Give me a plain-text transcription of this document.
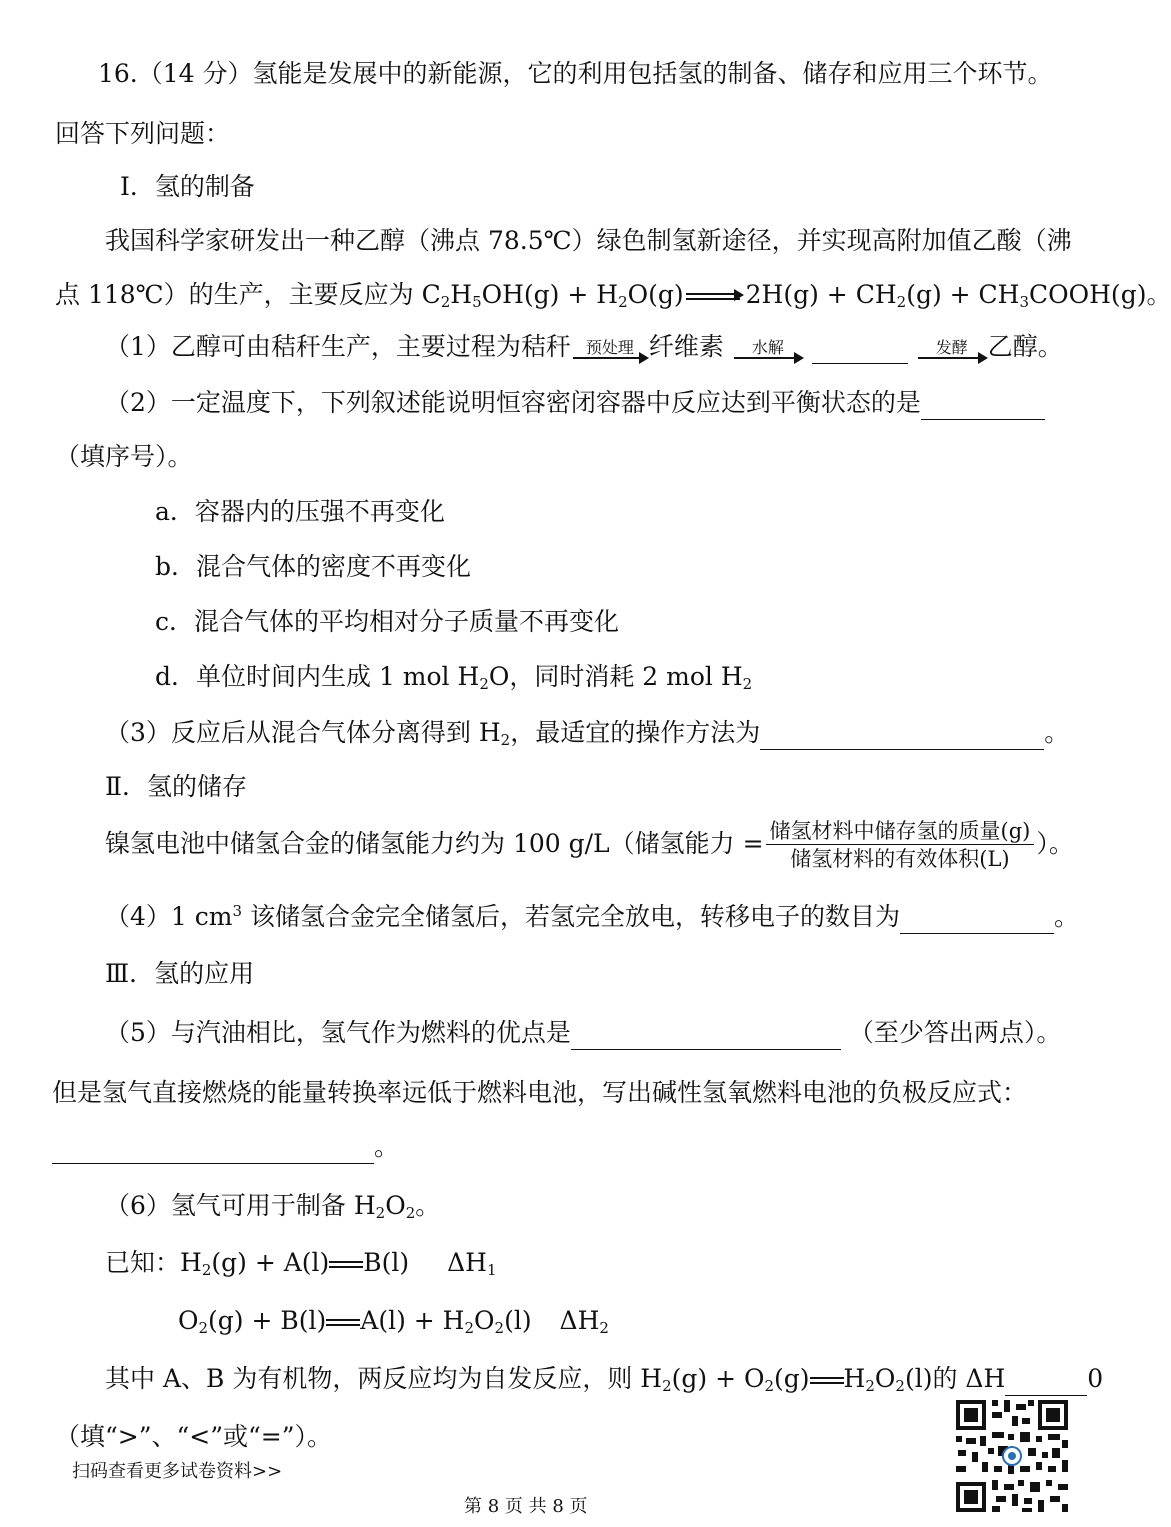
16.（14 分）氢能是发展中的新能源，它的利用包括氢的制备、储存和应用三个环节。
回答下列问题：
Ⅰ．氢的制备
我国科学家研发出一种乙醇（沸点 78.5℃）绿色制氢新途径，并实现高附加值乙酸（沸
点 118℃）的生产，主要反应为 $C_2H_5OH(g) + H_2O(g) 2H(g) + CH_2(g)$ + $CH_3COOH(g)$。
（1）乙醇可由秸秆生产，主要过程为秸秆 预处理 纤维素	水解
	发酵 乙醇。
（2）一定温度下，下列叙述能说明恒容密闭容器中反应达到平衡状态的是
（填序号）。
a．容器内的压强不再变化
b．混合气体的密度不再变化
c．混合气体的平均相对分子质量不再变化
d．单位时间内生成 1 mol $H_2O$，同时消耗 2 mol $H_2$
（3）反应后从混合气体分离得到 $H_2$，最适宜的操作方法为	。
Ⅱ．氢的储存
镍氢电池中储氢合金的储氢能力约为 100 g/L（储氢能力 = $\frac{\text{储氢材料中储存氢的质量(g)}}{\text{储氢材料的有效体积(L)}}$ ）。
（4）1 $cm^3$ 该储氢合金完全储氢后，若氢完全放电，转移电子的数目为	。
Ⅲ．氢的应用
（5）与汽油相比，氢气作为燃料的优点是	（至少答出两点）。
但是氢气直接燃烧的能量转换率远低于燃料电池，写出碱性氢氧燃料电池的负极反应式：
。
（6）氢气可用于制备 $H_2O_2$。
已知：$H_2(g) + A(l)$ B(l) $\Delta H_1$
$O_2(g) + B(l) A(l) + H_2O_2(l)$ $\Delta H_2$
其中 A、B 为有机物，两反应均为自发反应，则 $H_2(g) + O_2(g)$ $H_2O_2(l)$的 ΔH	0
（填“>”、“<”或“=”）。
扫码查看更多试卷资料>>
第 8 页 共 8 页
